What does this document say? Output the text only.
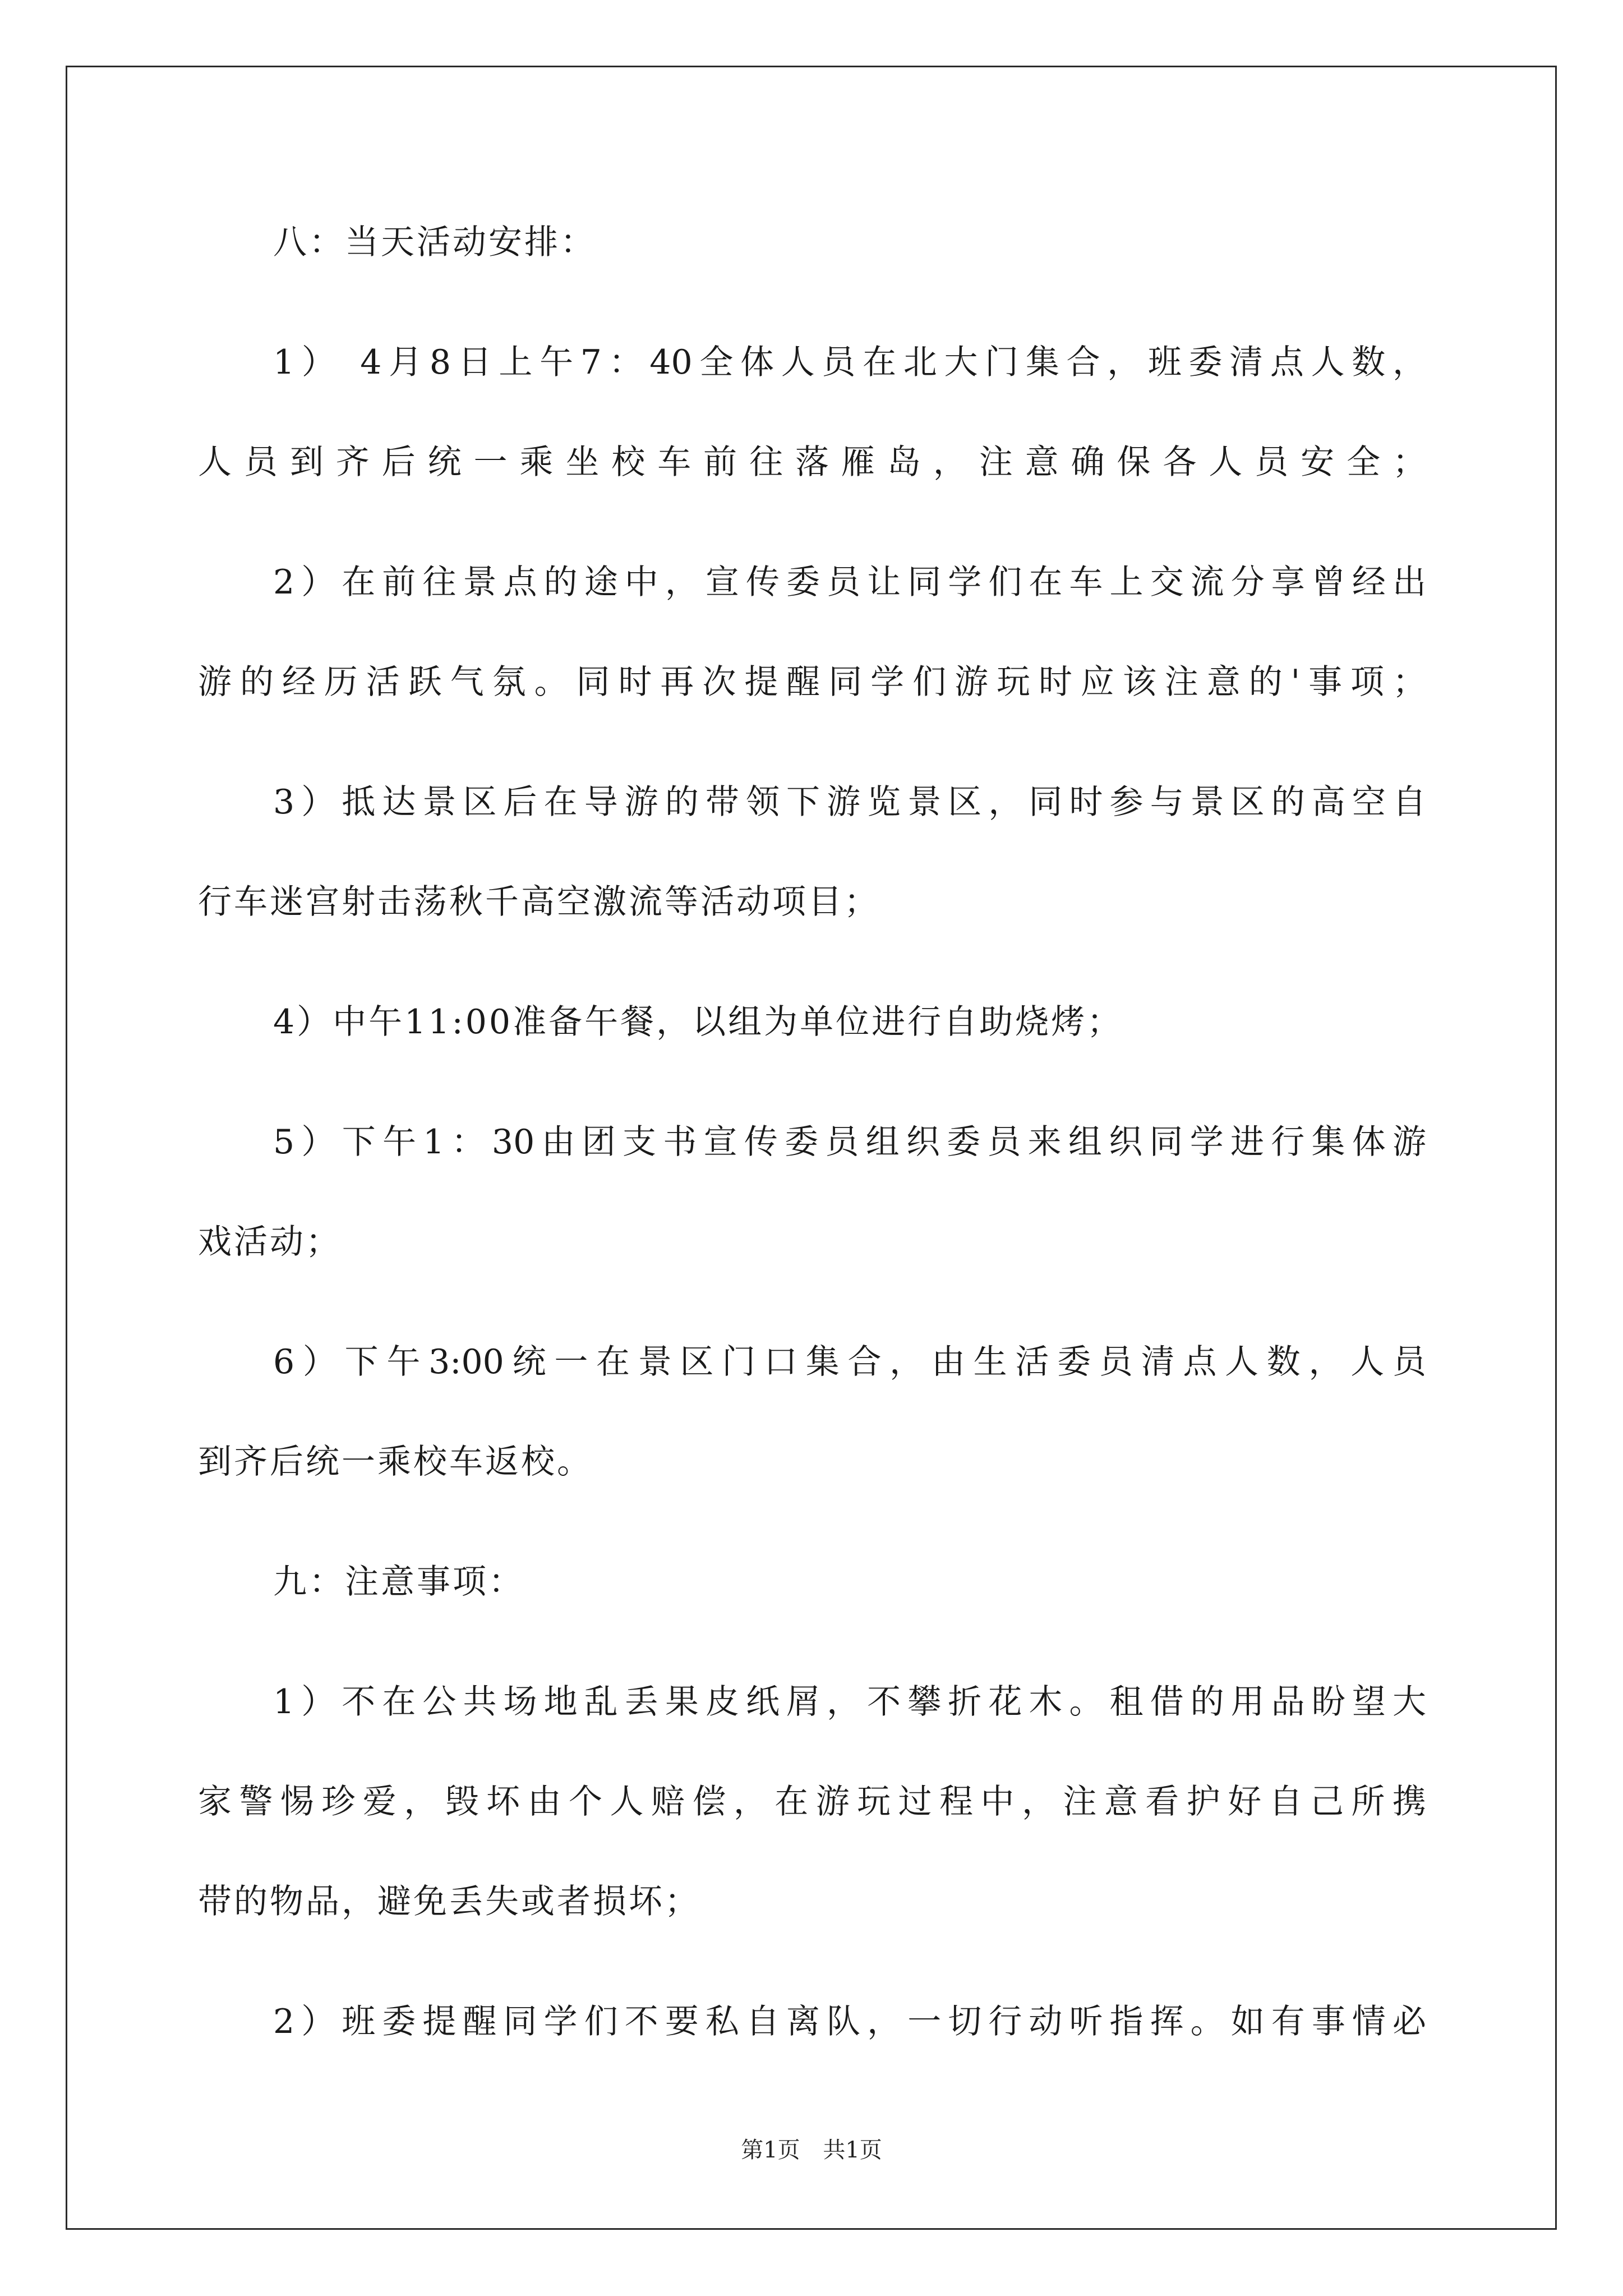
八：当天活动安排：

1） 4月8日上午7：40全体人员在北大门集合，班委清点人数，

人员到齐后统一乘坐校车前往落雁岛，注意确保各人员安全；

2）在前往景点的途中，宣传委员让同学们在车上交流分享曾经出

游的经历活跃气氛。同时再次提醒同学们游玩时应该注意的'事项；

3）抵达景区后在导游的带领下游览景区，同时参与景区的高空自

行车迷宫射击荡秋千高空激流等活动项目；

4）中午11:00准备午餐，以组为单位进行自助烧烤；

5）下午1：30由团支书宣传委员组织委员来组织同学进行集体游

戏活动；

6）下午3:00统一在景区门口集合，由生活委员清点人数，人员

到齐后统一乘校车返校。

九：注意事项：

1）不在公共场地乱丢果皮纸屑，不攀折花木。租借的用品盼望大

家警惕珍爱，毁坏由个人赔偿，在游玩过程中，注意看护好自己所携

带的物品，避免丢失或者损坏；

2）班委提醒同学们不要私自离队，一切行动听指挥。如有事情必

第1页 共1页
